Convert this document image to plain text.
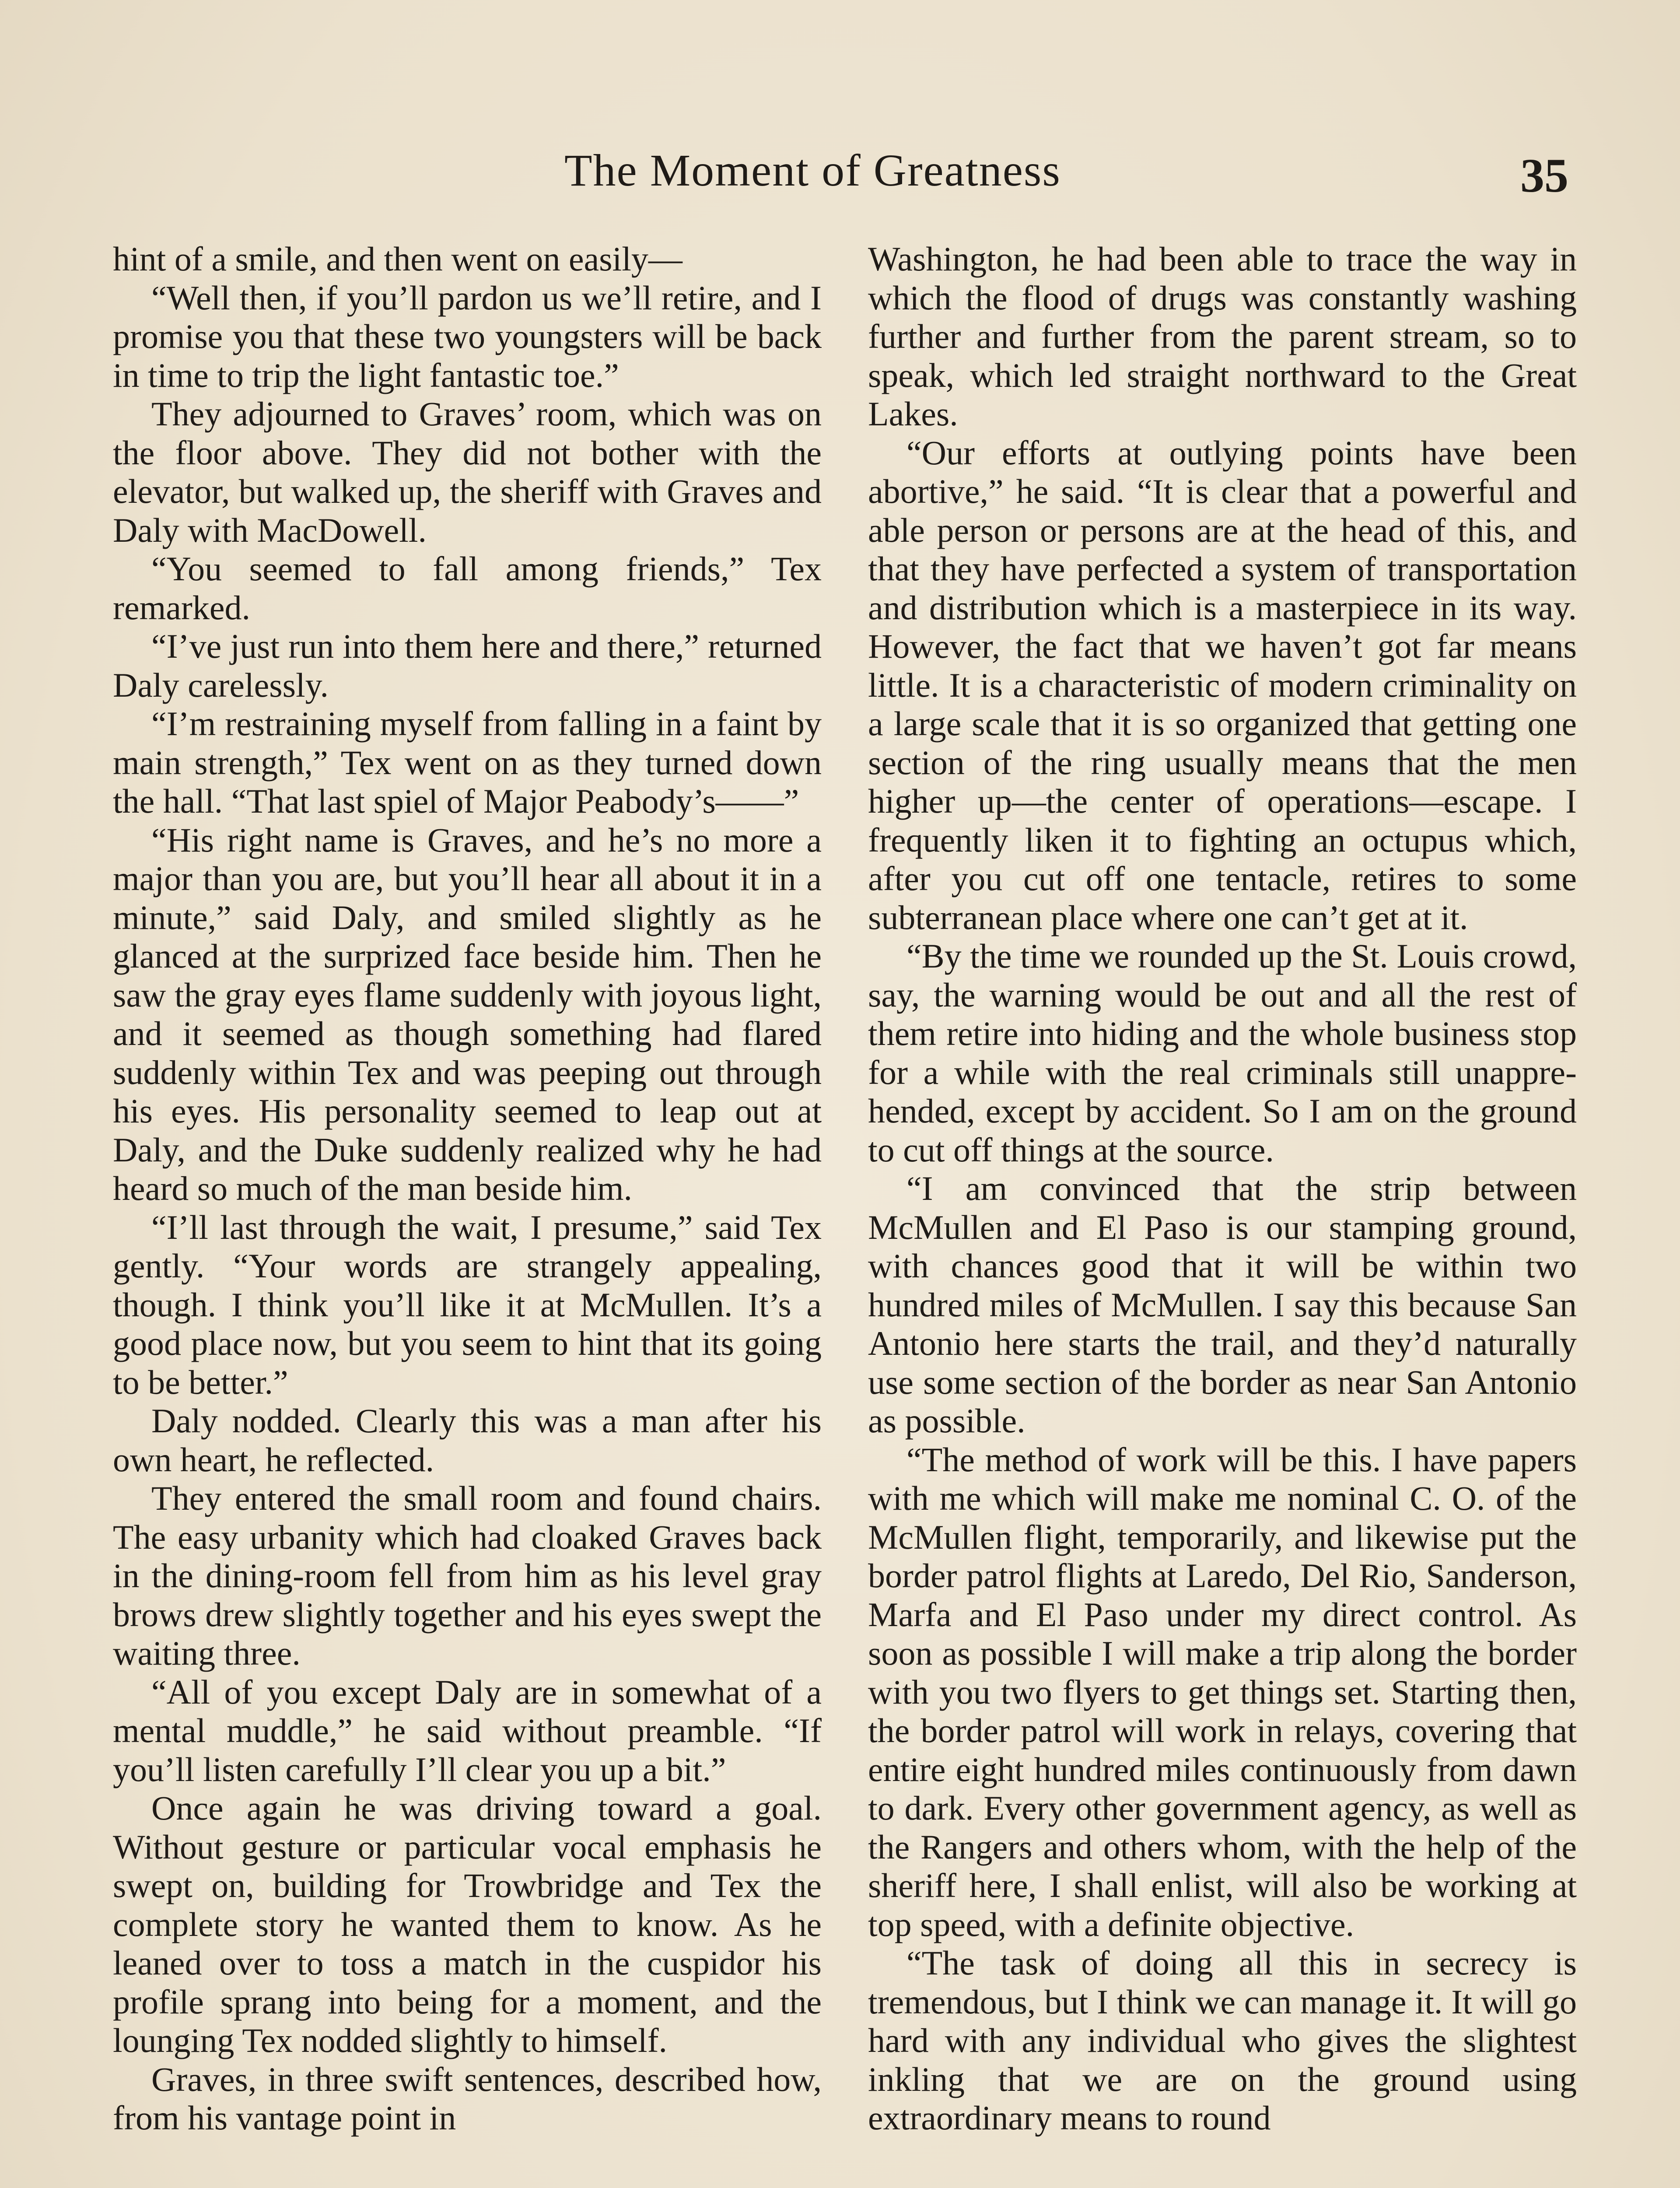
The Moment of Greatness	35

hint of a smile, and then went on easily—

“Well then, if you’ll pardon us we’ll retire, and I promise you that these two youngsters will be back in time to trip the light fantastic toe.”

They adjourned to Graves’ room, which was on the floor above. They did not bother with the elevator, but walked up, the sheriff with Graves and Daly with MacDowell.

“You seemed to fall among friends,” Tex remarked.

“I’ve just run into them here and there,” returned Daly carelessly.

“I’m restraining myself from falling in a faint by main strength,” Tex went on as they turned down the hall. “That last spiel of Major Peabody’s——”

“His right name is Graves, and he’s no more a major than you are, but you’ll hear all about it in a minute,” said Daly, and smiled slightly as he glanced at the surprized face beside him. Then he saw the gray eyes flame suddenly with joyous light, and it seemed as though something had flared suddenly within Tex and was peeping out through his eyes. His personality seemed to leap out at Daly, and the Duke suddenly realized why he had heard so much of the man beside him.

“I’ll last through the wait, I presume,” said Tex gently. “Your words are strangely appealing, though. I think you’ll like it at McMullen. It’s a good place now, but you seem to hint that its going to be better.”

Daly nodded. Clearly this was a man after his own heart, he reflected.

They entered the small room and found chairs. The easy urbanity which had cloaked Graves back in the dining-room fell from him as his level gray brows drew slightly together and his eyes swept the waiting three.

“All of you except Daly are in somewhat of a mental muddle,” he said without preamble. “If you’ll listen carefully I’ll clear you up a bit.”

Once again he was driving toward a goal. Without gesture or particular vocal emphasis he swept on, building for Trowbridge and Tex the complete story he wanted them to know. As he leaned over to toss a match in the cuspidor his profile sprang into being for a moment, and the lounging Tex nodded slightly to himself.

Graves, in three swift sentences, described how, from his vantage point in

Washington, he had been able to trace the way in which the flood of drugs was constantly washing further and further from the parent stream, so to speak, which led straight northward to the Great Lakes.

“Our efforts at outlying points have been abortive,” he said. “It is clear that a powerful and able person or persons are at the head of this, and that they have perfected a system of transportation and distribution which is a masterpiece in its way. However, the fact that we haven’t got far means little. It is a characteristic of modern criminality on a large scale that it is so organized that getting one section of the ring usually means that the men higher up—the center of operations—escape. I frequently liken it to fighting an octupus which, after you cut off one tentacle, retires to some subterranean place where one can’t get at it.

“By the time we rounded up the St. Louis crowd, say, the warning would be out and all the rest of them retire into hiding and the whole business stop for a while with the real criminals still unapprehended, except by accident. So I am on the ground to cut off things at the source.

“I am convinced that the strip between McMullen and El Paso is our stamping ground, with chances good that it will be within two hundred miles of McMullen. I say this because San Antonio here starts the trail, and they’d naturally use some section of the border as near San Antonio as possible.

“The method of work will be this. I have papers with me which will make me nominal C. O. of the McMullen flight, temporarily, and likewise put the border patrol flights at Laredo, Del Rio, Sanderson, Marfa and El Paso under my direct control. As soon as possible I will make a trip along the border with you two flyers to get things set. Starting then, the border patrol will work in relays, covering that entire eight hundred miles continuously from dawn to dark. Every other government agency, as well as the Rangers and others whom, with the help of the sheriff here, I shall enlist, will also be working at top speed, with a definite objective.

“The task of doing all this in secrecy is tremendous, but I think we can manage it. It will go hard with any individual who gives the slightest inkling that we are on the ground using extraordinary means to round
